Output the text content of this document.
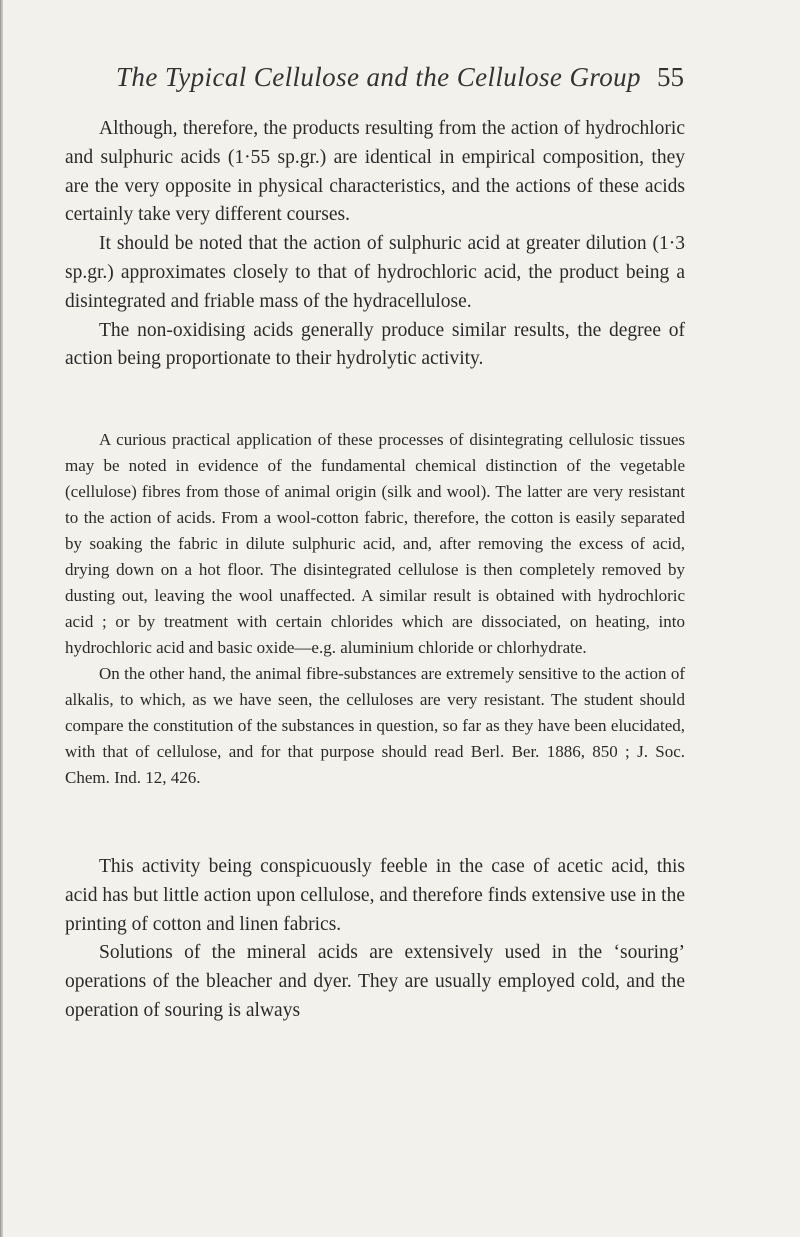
The Typical Cellulose and the Cellulose Group 55

Although, therefore, the products resulting from the action of hydrochloric and sulphuric acids (1·55 sp.gr.) are identical in empirical composition, they are the very opposite in physical characteristics, and the actions of these acids certainly take very different courses.

It should be noted that the action of sulphuric acid at greater dilution (1·3 sp.gr.) approximates closely to that of hydrochloric acid, the product being a disintegrated and friable mass of the hydracellulose.

The non-oxidising acids generally produce similar results, the degree of action being proportionate to their hydrolytic activity.

A curious practical application of these processes of disintegrating cellulosic tissues may be noted in evidence of the fundamental chemical distinction of the vegetable (cellulose) fibres from those of animal origin (silk and wool). The latter are very resistant to the action of acids. From a wool-cotton fabric, therefore, the cotton is easily separated by soaking the fabric in dilute sulphuric acid, and, after removing the excess of acid, drying down on a hot floor. The disintegrated cellulose is then completely removed by dusting out, leaving the wool unaffected. A similar result is obtained with hydrochloric acid ; or by treatment with certain chlorides which are dissociated, on heating, into hydrochloric acid and basic oxide—e.g. aluminium chloride or chlorhydrate.

On the other hand, the animal fibre-substances are extremely sensitive to the action of alkalis, to which, as we have seen, the celluloses are very resistant. The student should compare the constitution of the substances in question, so far as they have been elucidated, with that of cellulose, and for that purpose should read Berl. Ber. 1886, 850 ; J. Soc. Chem. Ind. 12, 426.

This activity being conspicuously feeble in the case of acetic acid, this acid has but little action upon cellulose, and therefore finds extensive use in the printing of cotton and linen fabrics.

Solutions of the mineral acids are extensively used in the ‘souring’ operations of the bleacher and dyer. They are usually employed cold, and the operation of souring is always
